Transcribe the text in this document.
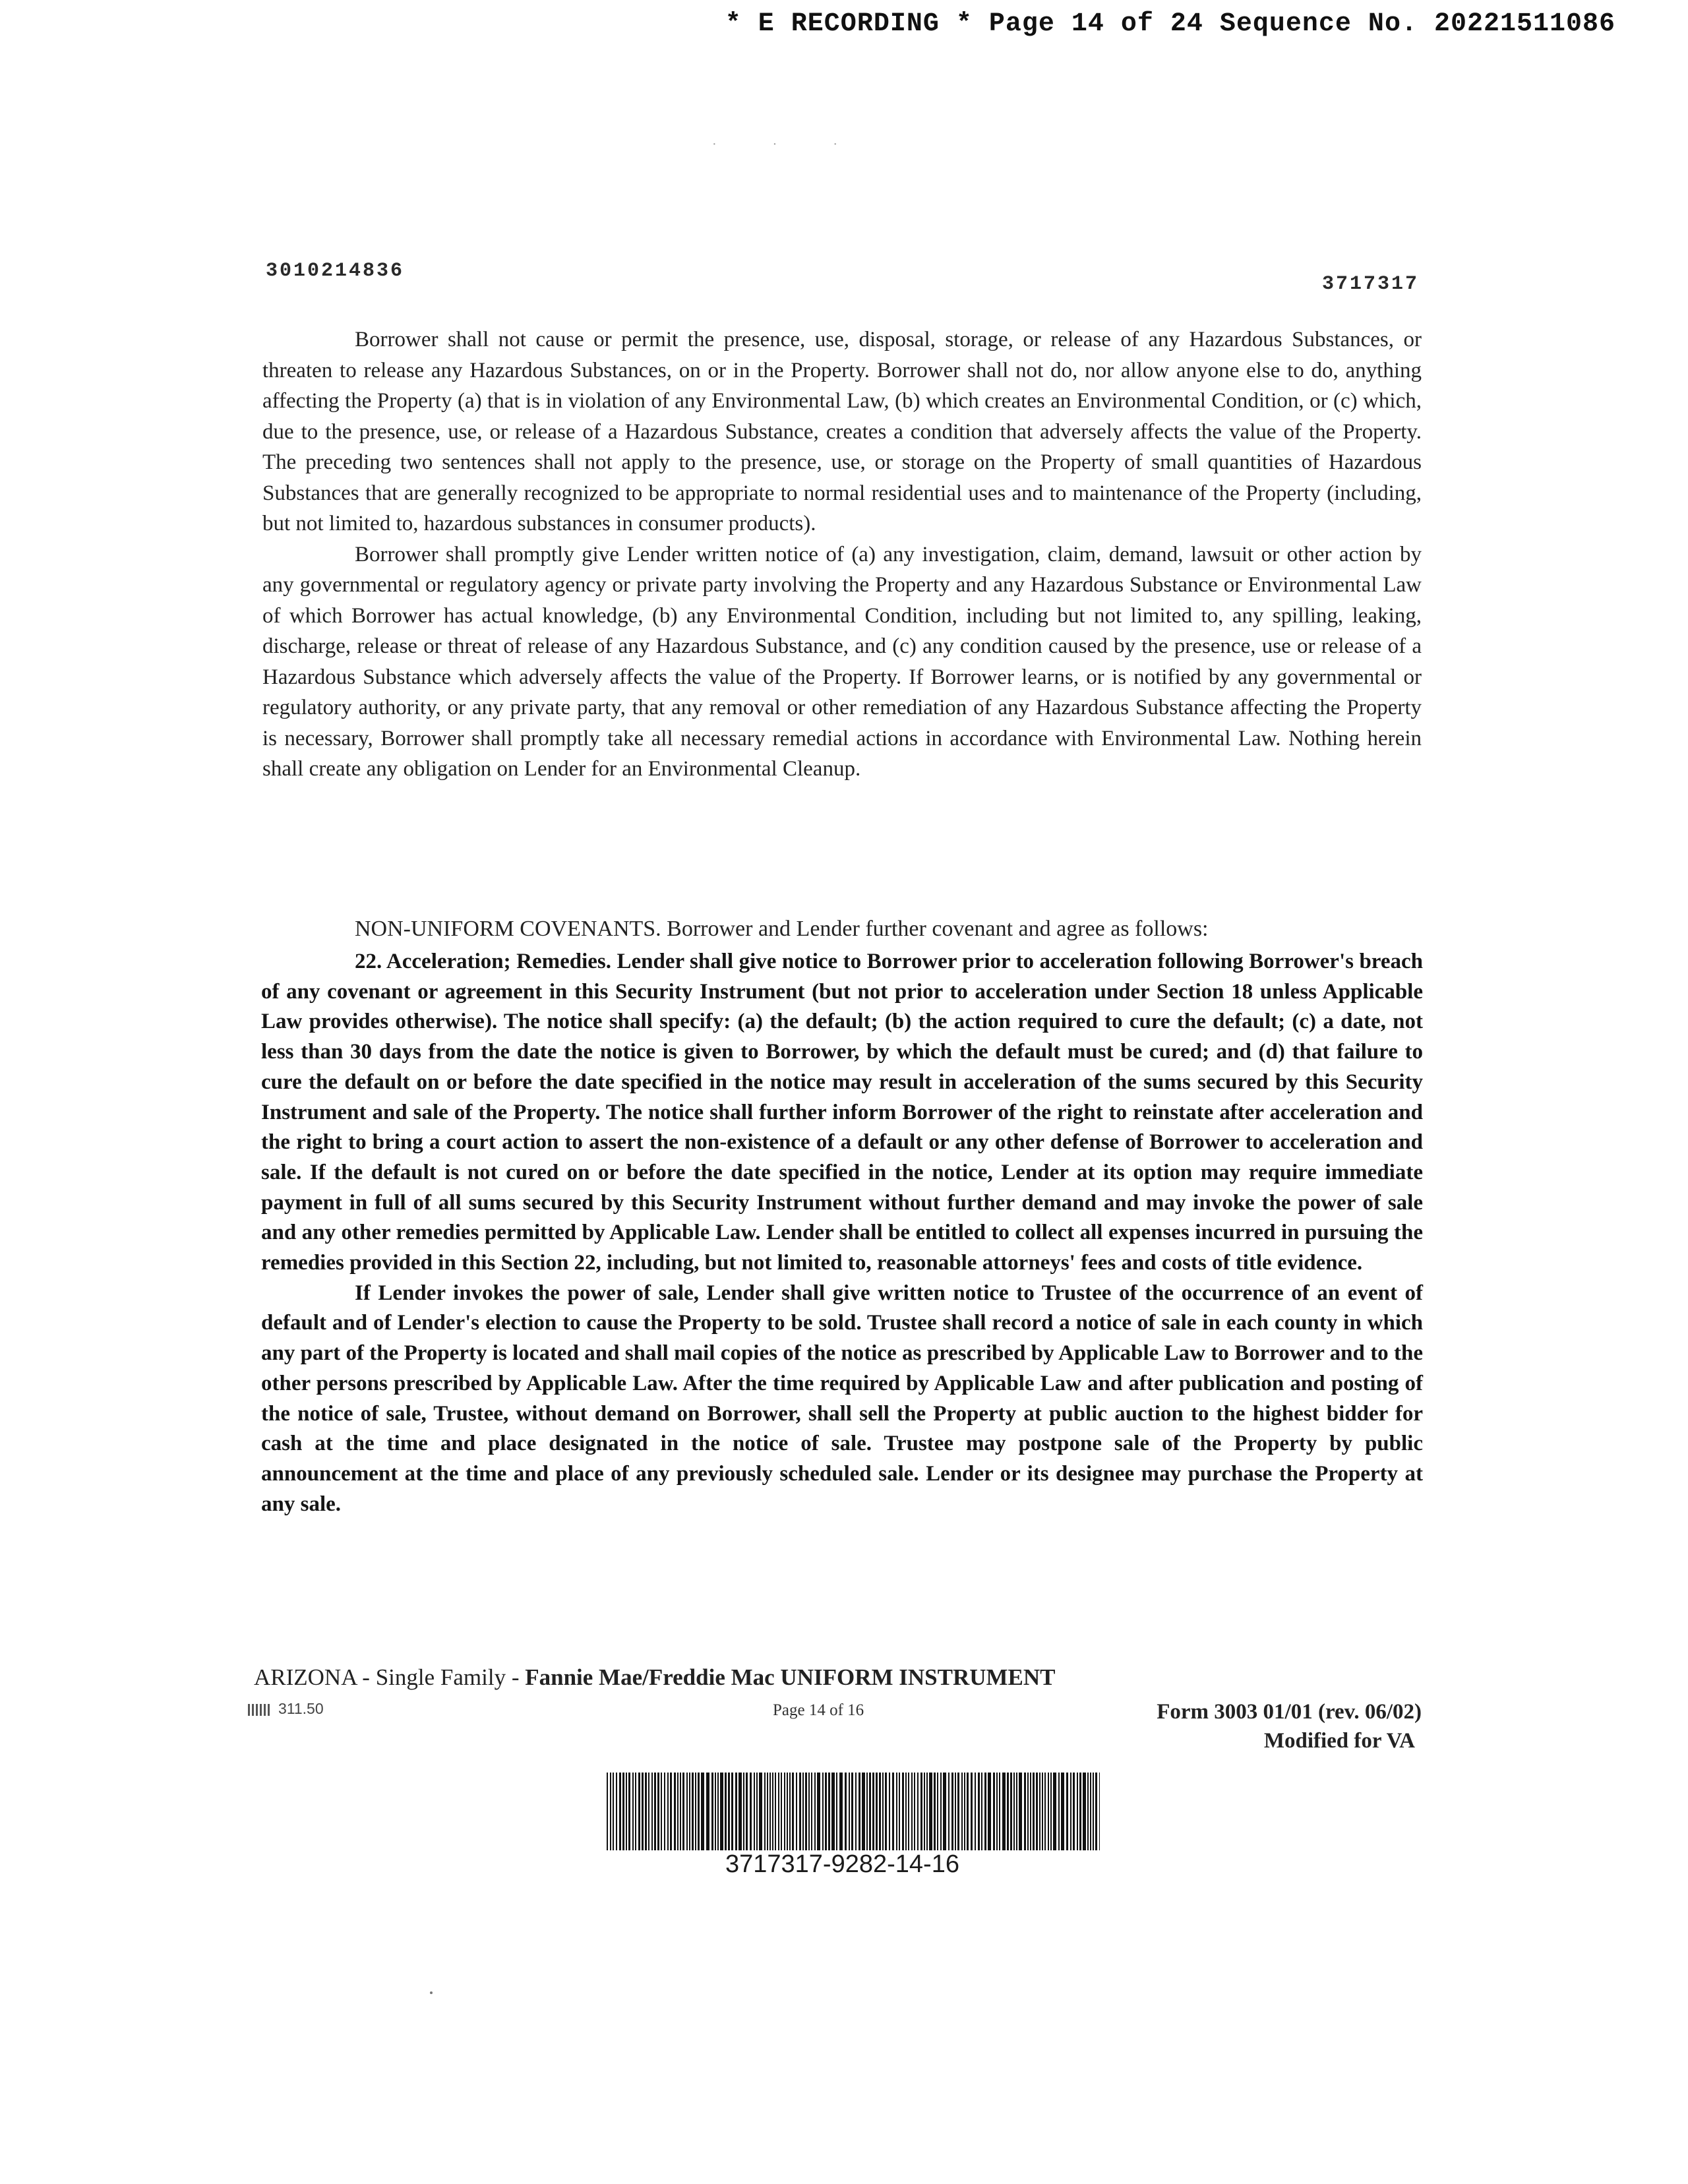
* E RECORDING * Page 14 of 24 Sequence No. 20221511086
· · ·
3010214836
3717317

Borrower shall not cause or permit the presence, use, disposal, storage, or release of any Hazardous Substances, or threaten to release any Hazardous Substances, on or in the Property. Borrower shall not do, nor allow anyone else to do, anything affecting the Property (a) that is in violation of any Environmental Law, (b) which creates an Environmental Condition, or (c) which, due to the presence, use, or release of a Hazardous Substance, creates a condition that adversely affects the value of the Property. The preceding two sentences shall not apply to the presence, use, or storage on the Property of small quantities of Hazardous Substances that are generally recognized to be appropriate to normal residential uses and to maintenance of the Property (including, but not limited to, hazardous substances in consumer products).

Borrower shall promptly give Lender written notice of (a) any investigation, claim, demand, lawsuit or other action by any governmental or regulatory agency or private party involving the Property and any Hazardous Substance or Environmental Law of which Borrower has actual knowledge, (b) any Environmental Condition, including but not limited to, any spilling, leaking, discharge, release or threat of release of any Hazardous Substance, and (c) any condition caused by the presence, use or release of a Hazardous Substance which adversely affects the value of the Property. If Borrower learns, or is notified by any governmental or regulatory authority, or any private party, that any removal or other remediation of any Hazardous Substance affecting the Property is necessary, Borrower shall promptly take all necessary remedial actions in accordance with Environmental Law. Nothing herein shall create any obligation on Lender for an Environmental Cleanup.

NON-UNIFORM COVENANTS. Borrower and Lender further covenant and agree as follows:

22. Acceleration; Remedies. Lender shall give notice to Borrower prior to acceleration following Borrower's breach of any covenant or agreement in this Security Instrument (but not prior to acceleration under Section 18 unless Applicable Law provides otherwise). The notice shall specify: (a) the default; (b) the action required to cure the default; (c) a date, not less than 30 days from the date the notice is given to Borrower, by which the default must be cured; and (d) that failure to cure the default on or before the date specified in the notice may result in acceleration of the sums secured by this Security Instrument and sale of the Property. The notice shall further inform Borrower of the right to reinstate after acceleration and the right to bring a court action to assert the non-existence of a default or any other defense of Borrower to acceleration and sale. If the default is not cured on or before the date specified in the notice, Lender at its option may require immediate payment in full of all sums secured by this Security Instrument without further demand and may invoke the power of sale and any other remedies permitted by Applicable Law. Lender shall be entitled to collect all expenses incurred in pursuing the remedies provided in this Section 22, including, but not limited to, reasonable attorneys' fees and costs of title evidence.

If Lender invokes the power of sale, Lender shall give written notice to Trustee of the occurrence of an event of default and of Lender's election to cause the Property to be sold. Trustee shall record a notice of sale in each county in which any part of the Property is located and shall mail copies of the notice as prescribed by Applicable Law to Borrower and to the other persons prescribed by Applicable Law. After the time required by Applicable Law and after publication and posting of the notice of sale, Trustee, without demand on Borrower, shall sell the Property at public auction to the highest bidder for cash at the time and place designated in the notice of sale. Trustee may postpone sale of the Property by public announcement at the time and place of any previously scheduled sale. Lender or its designee may purchase the Property at any sale.

ARIZONA - Single Family - Fannie Mae/Freddie Mac UNIFORM INSTRUMENT
311.50	Page 14 of 16	Form 3003 01/01 (rev. 06/02)
Modified for VA
3717317-9282-14-16
